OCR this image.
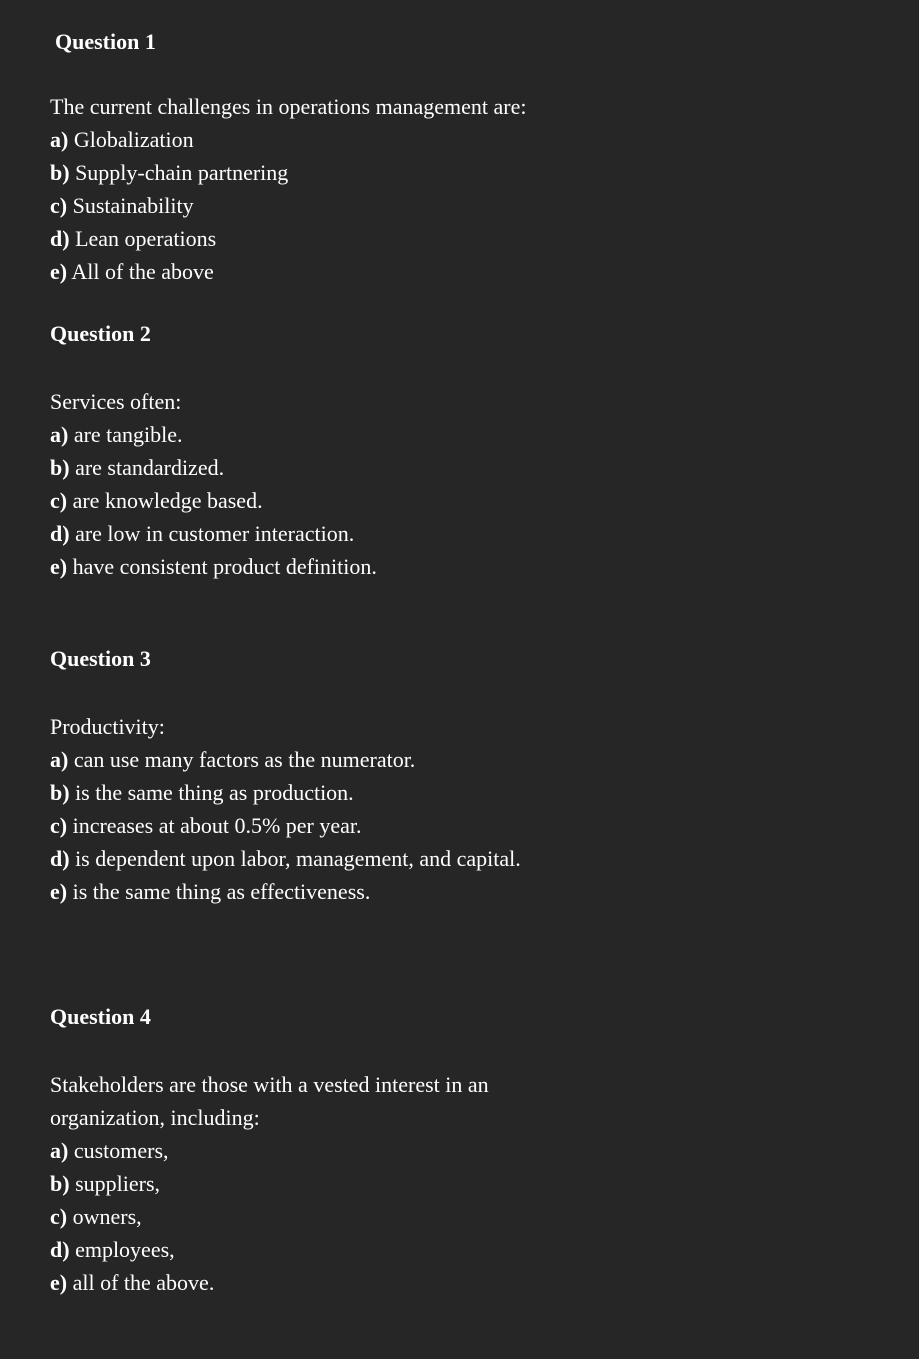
Question 1

The current challenges in operations management are:

a) Globalization
b) Supply-chain partnering
c) Sustainability
d) Lean operations
e) All of the above
Question 2

Services often:

a) are tangible.
b) are standardized.
c) are knowledge based.
d) are low in customer interaction.
e) have consistent product definition.
Question 3

Productivity:

a) can use many factors as the numerator.
b) is the same thing as production.
c) increases at about 0.5% per year.
d) is dependent upon labor, management, and capital.
e) is the same thing as effectiveness.
Question 4

Stakeholders are those with a vested interest in an organization, including:

a) customers,
b) suppliers,
c) owners,
d) employees,
e) all of the above.
